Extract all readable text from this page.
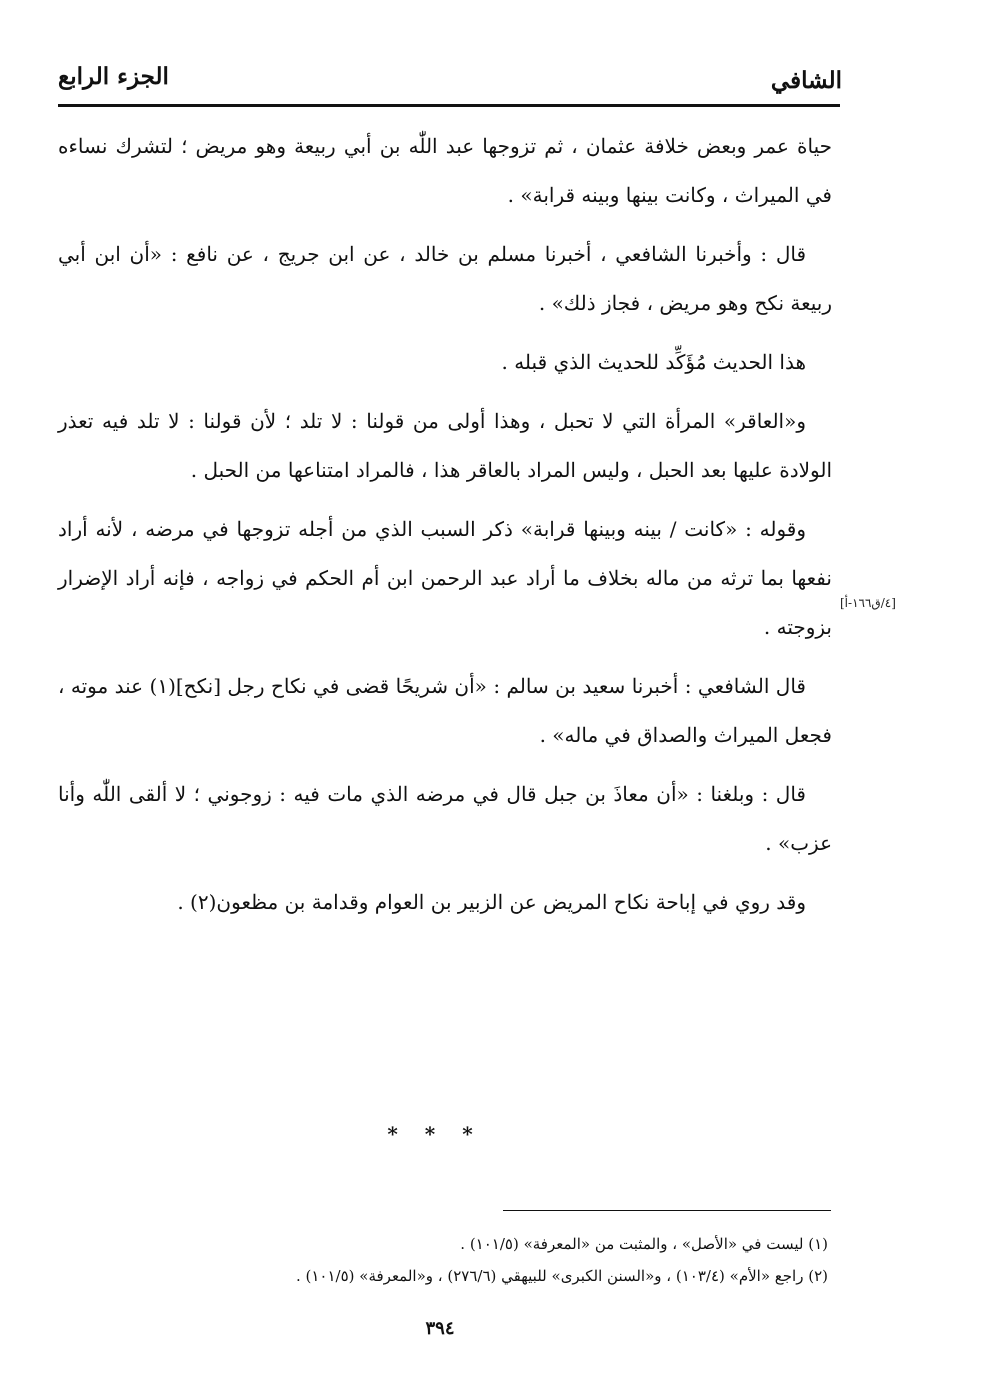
الشافي
الجزء الرابع

حياة عمر وبعض خلافة عثمان ، ثم تزوجها عبد اللّٰه بن أبي ربيعة وهو مريض ؛ لتشرك نساءه في الميراث ، وكانت بينها وبينه قرابة» .

قال : وأخبرنا الشافعي ، أخبرنا مسلم بن خالد ، عن ابن جريج ، عن نافع : «أن ابن أبي ربيعة نكح وهو مريض ، فجاز ذلك» .

هذا الحديث مُؤَكِّد للحديث الذي قبله .

و«العاقر» المرأة التي لا تحبل ، وهذا أولى من قولنا : لا تلد ؛ لأن قولنا : لا تلد فيه تعذر الولادة عليها بعد الحبل ، وليس المراد بالعاقر هذا ، فالمراد امتناعها من الحبل .

وقوله : «كانت / بينه وبينها قرابة» ذكر السبب الذي من أجله تزوجها في مرضه ، لأنه أراد نفعها بما ترثه من ماله بخلاف ما أراد عبد الرحمن ابن أم الحكم في زواجه ، فإنه أراد الإضرار بزوجته .

قال الشافعي : أخبرنا سعيد بن سالم : «أن شريحًا قضى في نكاح رجل [نكح](١) عند موته ، فجعل الميراث والصداق في ماله» .

قال : وبلغنا : «أن معاذَ بن جبل قال في مرضه الذي مات فيه : زوجوني ؛ لا ألقى اللّٰه وأنا عزب» .

وقد روي في إباحة نكاح المريض عن الزبير بن العوام وقدامة بن مظعون(٢) .

[٤/ق١٦٦-أ]
* * *
(١) ليست في «الأصل» ، والمثبت من «المعرفة» (١٠١/٥) .
(٢) راجع «الأم» (١٠٣/٤) ، و«السنن الكبرى» للبيهقي (٢٧٦/٦) ، و«المعرفة» (١٠١/٥) .
٣٩٤
